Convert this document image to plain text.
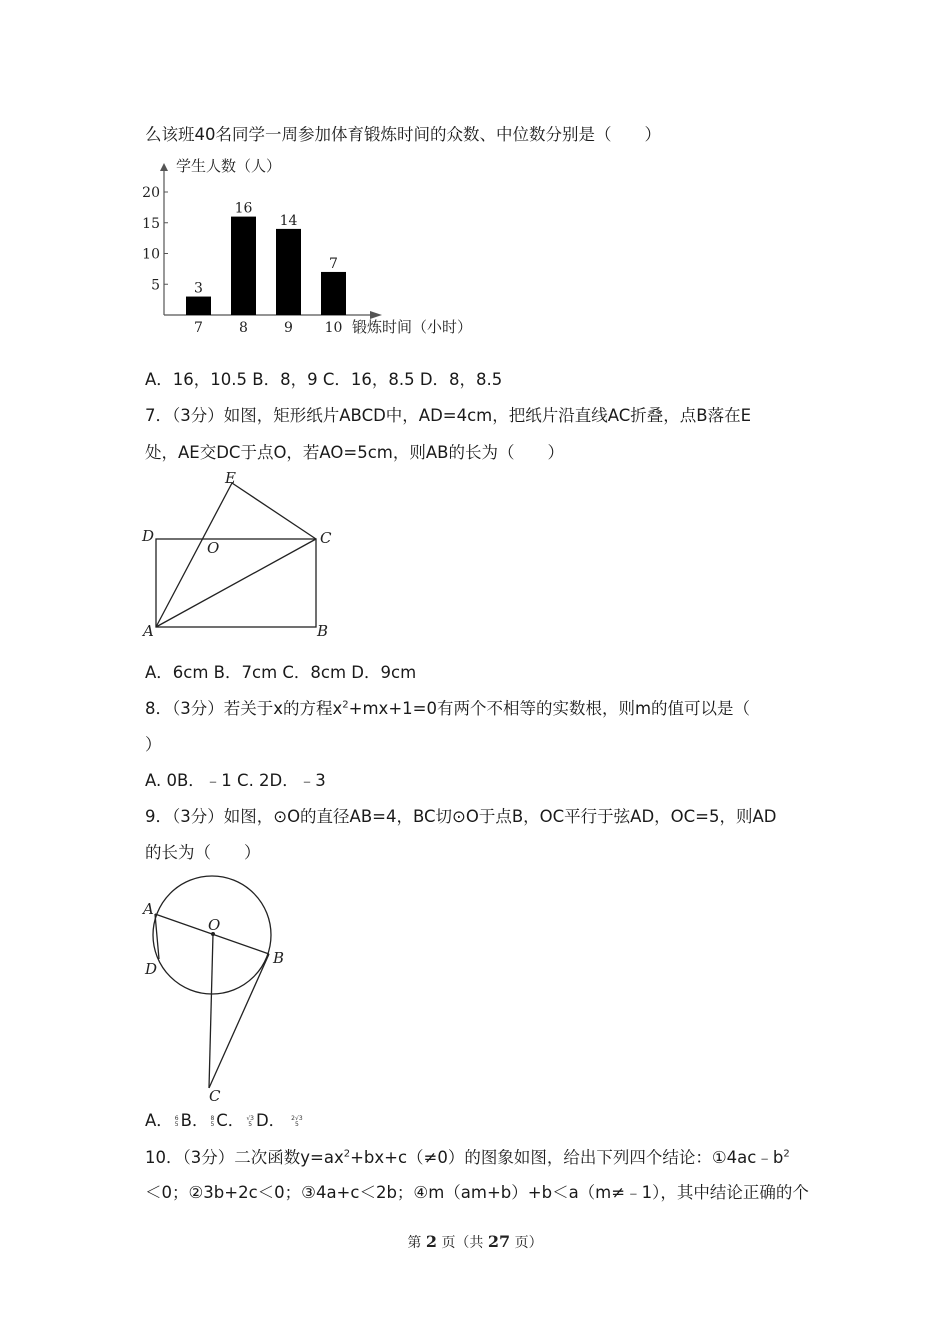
么该班40名同学一周参加体育锻炼时间的众数、中位数分别是（　　）
5
10
15
20
7	8	9 10
3
16
14
7
学生人数（人）
锻炼时间（小时）
A．16，10.5 B．8，9 C．16，8.5 D．8，8.5
7．（3分）如图，矩形纸片ABCD中，AD=4cm，把纸片沿直线AC折叠，点B落在E
处，AE交DC于点O，若AO=5cm，则AB的长为（　　）
E
D
O
C
A	B
A．6cm B．7cm C．8cm D．9cm
8．（3分）若关于x的方程$x^2+mx+1=0$有两个不相等的实数根，则m的值可以是（
）
A. 0B．﹣1 C. 2D．﹣3
9．（3分）如图，⊙O的直径AB=4，BC切⊙O于点B，OC平行于弦AD，OC=5，则AD
的长为（　　）
A
O
B
D
C
A． 6
5 B． 8
5 C． √3
5 D． 2√3
5
10．（3分）二次函数$y=ax^2+bx+c(\ne 0)$的图象如图，给出下列四个结论：$①4ac﹣b^2$
＜0；②3b+2c＜0；③4a+c＜2b；④m（am+b）+b＜a（m≠﹣1），其中结论正确的个
第 2 页（共 27 页）
